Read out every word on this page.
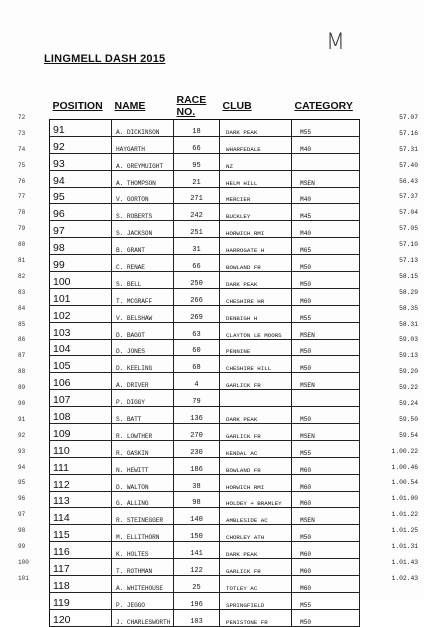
M
LINGMELL DASH 2015
72
73
74
75
76
77
78
79
80
81
82
83
84
85
86
87
88
89
90
91
92
93
94
95
96
97
98
99
100
101
POSITION	NAME	RACE NO.	CLUB	CATEGORY
91	A. DICKINSON	18	DARK PEAK	M55
92	HAYGARTH	66	WHARFEDALE	M40
93	A. GREYMUIGHT	95	NZ	
94	A. THOMPSON	21	HELM HILL	MSEN
95	V. GORTON	271	MERCIER	M40
96	S. ROBERTS	242	BUCKLEY	M45
97	S. JACKSON	251	HORWICH RMI	M40
98	B. GRANT	31	HARROGATE H	M65
99	C. RENAE	66	BOWLAND FR	M50
100	S. BELL	250	DARK PEAK	M50
101	T. MCGRAFF	266	CHESHIRE HR	M60
102	V. BELSHAW	269	DENBIGH H	M55
103	D. BAGOT	63	CLAYTON LE MOORS	MSEN
104	D. JONES	60	PENNINE	M50
105	D. KEELING	68	CHESHIRE HILL	M50
106	A. DRIVER	4	GARLICK FR	MSEN
107	P. DIGGY	79		
108	S. BATT	136	DARK PEAK	M50
109	R. LOWTHER	270	GARLICK FR	MSEN
110	R. GASKIN	230	KENDAL AC	M55
111	N. HEWITT	186	BOWLAND FR	M60
112	D. WALTON	38	HORWICH RMI	M60
113	G. ALLING	98	HOLDEY + BRAMLEY	M60
114	R. STEINEGGER	140	AMBLESIDE AC	MSEN
115	M. ELLITHORN	150	CHORLEY ATH	M50
116	K. HOLTES	141	DARK PEAK	M60
117	T. ROTHMAN	122	GARLICK FR	M60
118	A. WHITEHOUSE	25	TOTLEY AC	M60
119	P. JEGGO	196	SPRINGFIELD	M55
120	J. CHARLESWORTH	103	PENISTONE FR	M50
57.07
57.16
57.31
57.40
56.43
57.37
57.04
57.05
57.10
57.13
58.15
58.29
58.35
58.31
59.03
59.13
59.20
59.22
59.24
59.50
59.54
1.00.22
1.00.46
1.00.54
1.01.00
1.01.22
1.01.25
1.01.31
1.01.43
1.02.43
